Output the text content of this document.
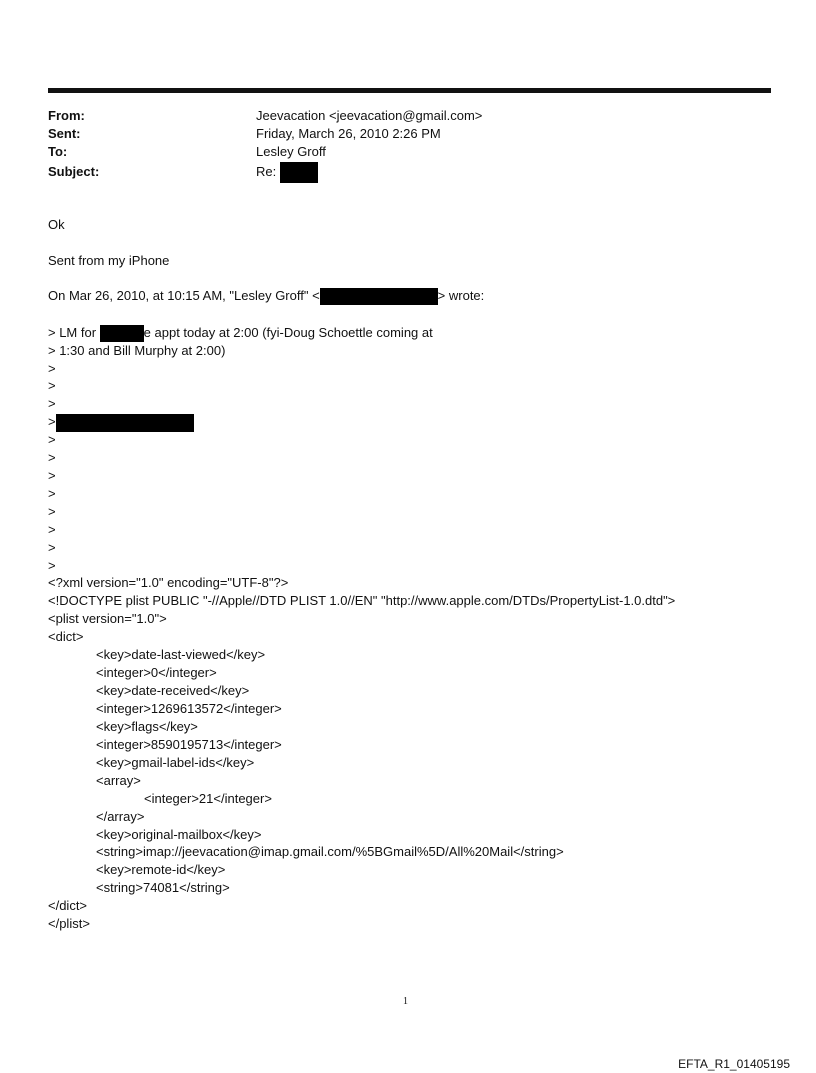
From:	Jeevacation <jeevacation@gmail.com>
Sent:	Friday, March 26, 2010 2:26 PM
To:	Lesley Groff
Subject:	Re:
Ok
Sent from my iPhone
On Mar 26, 2010, at 10:15 AM, "Lesley Groff" <	> wrote:
> LM for	e appt today at 2:00 (fyi-Doug Schoettle coming at
> 1:30 and Bill Murphy at 2:00)
>
>
>
>
>
>
>
>
>
>
>
>
<?xml version="1.0" encoding="UTF-8"?>
<!DOCTYPE plist PUBLIC "-//Apple//DTD PLIST 1.0//EN" "http://www.apple.com/DTDs/PropertyList-1.0.dtd">
<plist version="1.0">
<dict>
<key>date-last-viewed</key>
<integer>0</integer>
<key>date-received</key>
<integer>1269613572</integer>
<key>flags</key>
<integer>8590195713</integer>
<key>gmail-label-ids</key>
<array>
<integer>21</integer>
</array>
<key>original-mailbox</key>
<string>imap://jeevacation@imap.gmail.com/%5BGmail%5D/All%20Mail</string>
<key>remote-id</key>
<string>74081</string>
</dict>
</plist>
1
EFTA_R1_01405195
